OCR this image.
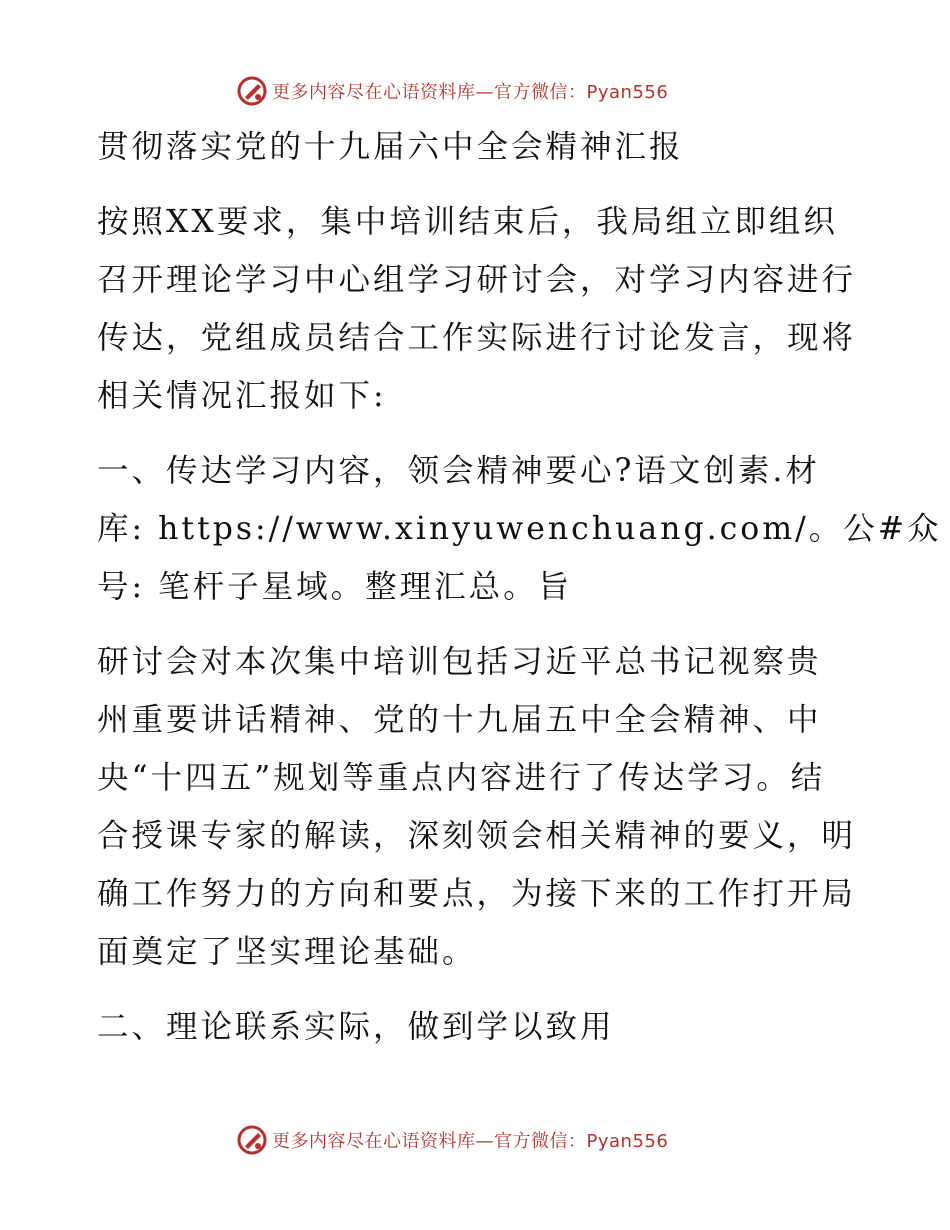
更多内容尽在心语资料库—官方微信：Pyan556
贯彻落实党的十九届六中全会精神汇报
按照XX要求，集中培训结束后，我局组立即组织
召开理论学习中心组学习研讨会，对学习内容进行
传达，党组成员结合工作实际进行讨论发言，现将
相关情况汇报如下:
一、传达学习内容，领会精神要心?语文创素.材
库: https://www.xinyuwenchuang.com/。公#众
号: 笔杆子星域。整理汇总。旨
研讨会对本次集中培训包括习近平总书记视察贵
州重要讲话精神、党的十九届五中全会精神、中
央“十四五”规划等重点内容进行了传达学习。结
合授课专家的解读，深刻领会相关精神的要义，明
确工作努力的方向和要点，为接下来的工作打开局
面奠定了坚实理论基础。
二、理论联系实际，做到学以致用
更多内容尽在心语资料库—官方微信：Pyan556
